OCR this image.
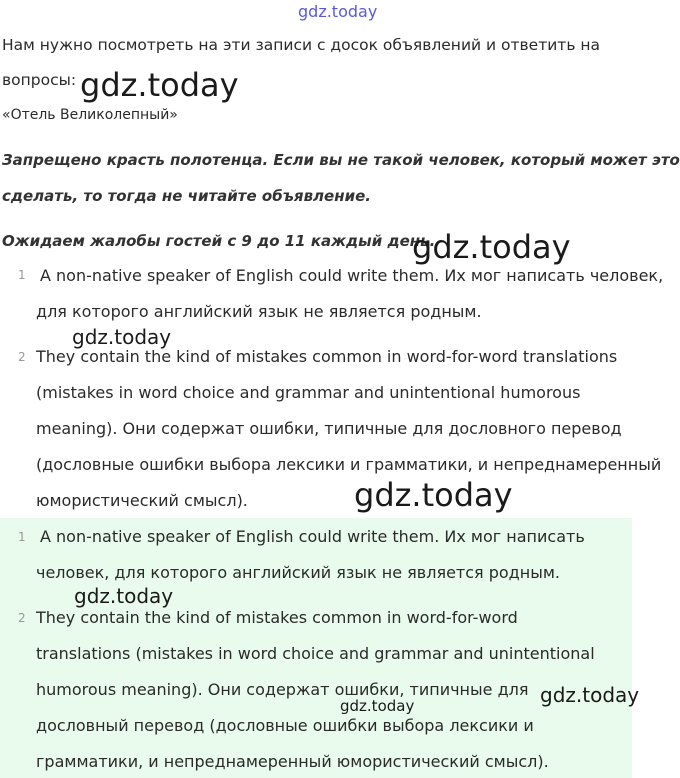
Нам нужно посмотреть на эти записи с досок объявлений и ответить на
вопросы:
«Отель Великолепный»
Запрещено красть полотенца. Если вы не такой человек, который может это
сделать, то тогда не читайте объявление.
Ожидаем жалобы гостей с 9 до 11 каждый день.
1 A non-native speaker of English could write them. Их мог написать человек,
для которого английский язык не является родным.
2 They contain the kind of mistakes common in word-for-word translations
(mistakes in word choice and grammar and unintentional humorous
meaning). Они содержат ошибки, типичные для дословного перевод
(дословные ошибки выбора лексики и грамматики, и непреднамеренный
юмористический смысл).
1 A non-native speaker of English could write them. Их мог написать
человек, для которого английский язык не является родным.
2 They contain the kind of mistakes common in word-for-word
translations (mistakes in word choice and grammar and unintentional
humorous meaning). Они содержат ошибки, типичные для
дословный перевод (дословные ошибки выбора лексики и
грамматики, и непреднамеренный юмористический смысл).
gdz.today
gdz.today
gdz.today
gdz.today
gdz.today
gdz.today
gdz.today
gdz.today
